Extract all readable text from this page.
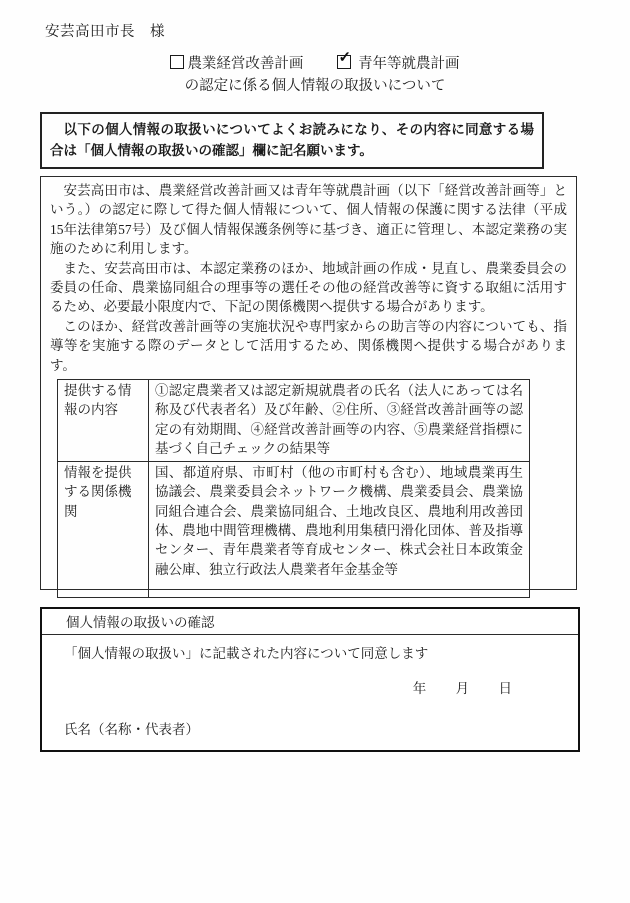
安芸高田市長　様
農業経営改善計画 ✓ 青年等就農計画
の認定に係る個人情報の取扱いについて
以下の個人情報の取扱いについてよくお読みになり、その内容に同意する場合は「個人情報の取扱いの確認」欄に記名願います。

安芸高田市は、農業経営改善計画又は青年等就農計画（以下「経営改善計画等」という。）の認定に際して得た個人情報について、個人情報の保護に関する法律（平成15年法律第57号）及び個人情報保護条例等に基づき、適正に管理し、本認定業務の実施のために利用します。

また、安芸高田市は、本認定業務のほか、地域計画の作成・見直し、農業委員会の委員の任命、農業協同組合の理事等の選任その他の経営改善等に資する取組に活用するため、必要最小限度内で、下記の関係機関へ提供する場合があります。

このほか、経営改善計画等の実施状況や専門家からの助言等の内容についても、指導等を実施する際のデータとして活用するため、関係機関へ提供する場合があります。

提供する情報の内容	①認定農業者又は認定新規就農者の氏名（法人にあっては名称及び代表者名）及び年齢、②住所、③経営改善計画等の認定の有効期間、④経営改善計画等の内容、⑤農業経営指標に基づく自己チェックの結果等
情報を提供する関係機関	国、都道府県、市町村（他の市町村も含む）、地域農業再生協議会、農業委員会ネットワーク機構、農業委員会、農業協同組合連合会、農業協同組合、土地改良区、農地利用改善団体、農地中間管理機構、農地利用集積円滑化団体、普及指導センター、青年農業者等育成センター、株式会社日本政策金融公庫、独立行政法人農業者年金基金等
個人情報の取扱いの確認
「個人情報の取扱い」に記載された内容について同意します
年 月 日
氏名（名称・代表者）
